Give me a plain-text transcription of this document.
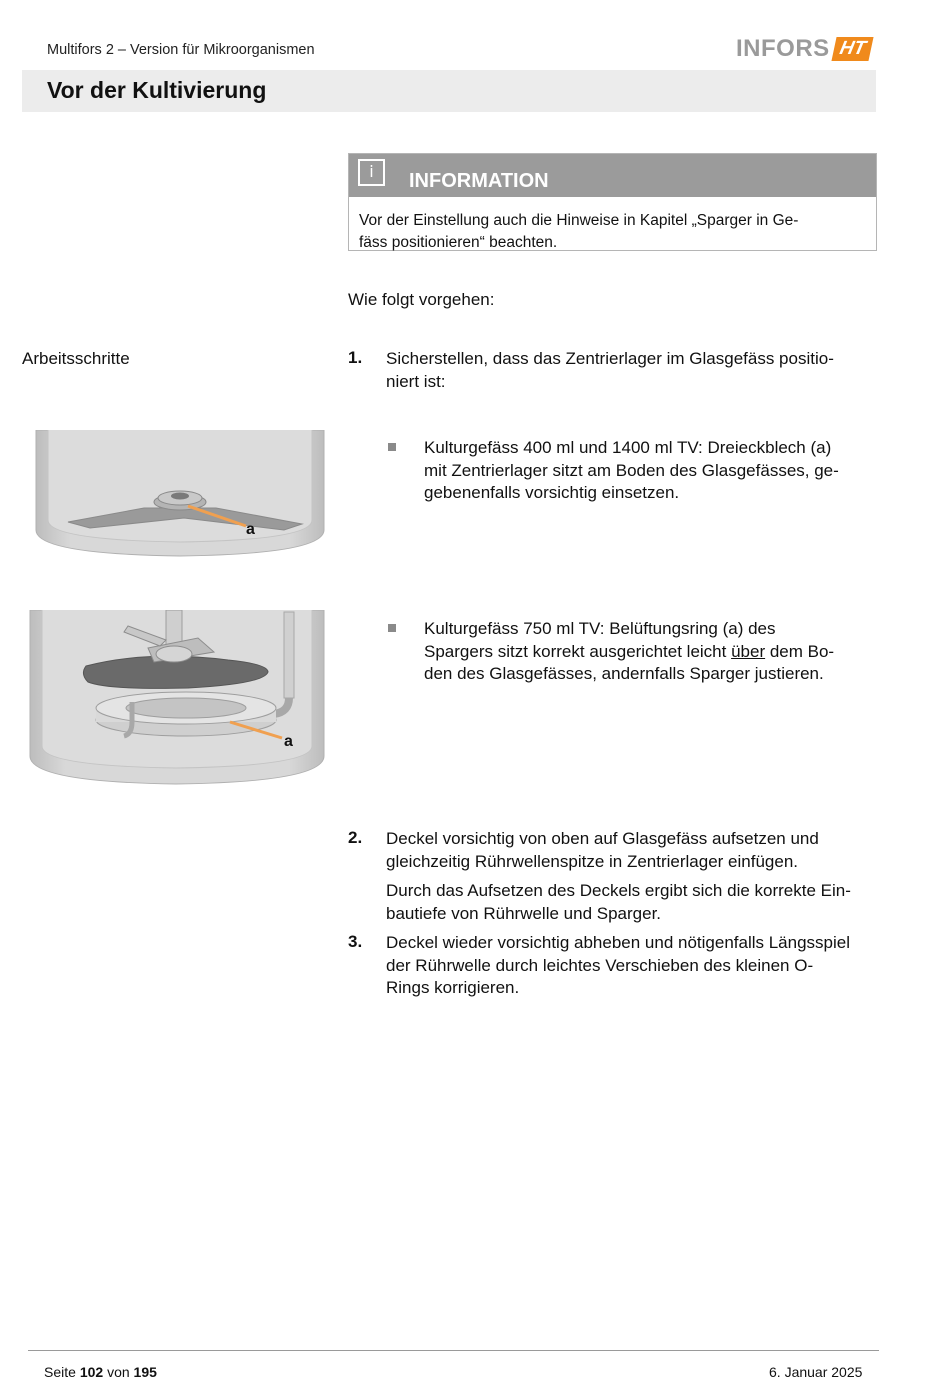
Multifors 2 – Version für Mikroorganismen	INFORS HT
Vor der Kultivierung
i	INFORMATION
Vor der Einstellung auch die Hinweise in Kapitel „Sparger in Ge-
fäss positionieren“ beachten.
Wie folgt vorgehen:
Arbeitsschritte	1. Sicherstellen, dass das Zentrierlager im Glasgefäss positio-
niert ist:
a
Kulturgefäss 400 ml und 1400 ml TV: Dreieckblech (a)
mit Zentrierlager sitzt am Boden des Glasgefässes, ge-
gebenenfalls vorsichtig einsetzen.
a
Kulturgefäss 750 ml TV: Belüftungsring (a) des
Spargers sitzt korrekt ausgerichtet leicht über dem Bo-
den des Glasgefässes, andernfalls Sparger justieren.
2. Deckel vorsichtig von oben auf Glasgefäss aufsetzen und
gleichzeitig Rührwellenspitze in Zentrierlager einfügen.
Durch das Aufsetzen des Deckels ergibt sich die korrekte Ein-
bautiefe von Rührwelle und Sparger.
3. Deckel wieder vorsichtig abheben und nötigenfalls Längsspiel
der Rührwelle durch leichtes Verschieben des kleinen O-
Rings korrigieren.
Seite 102 von 195	6. Januar 2025
